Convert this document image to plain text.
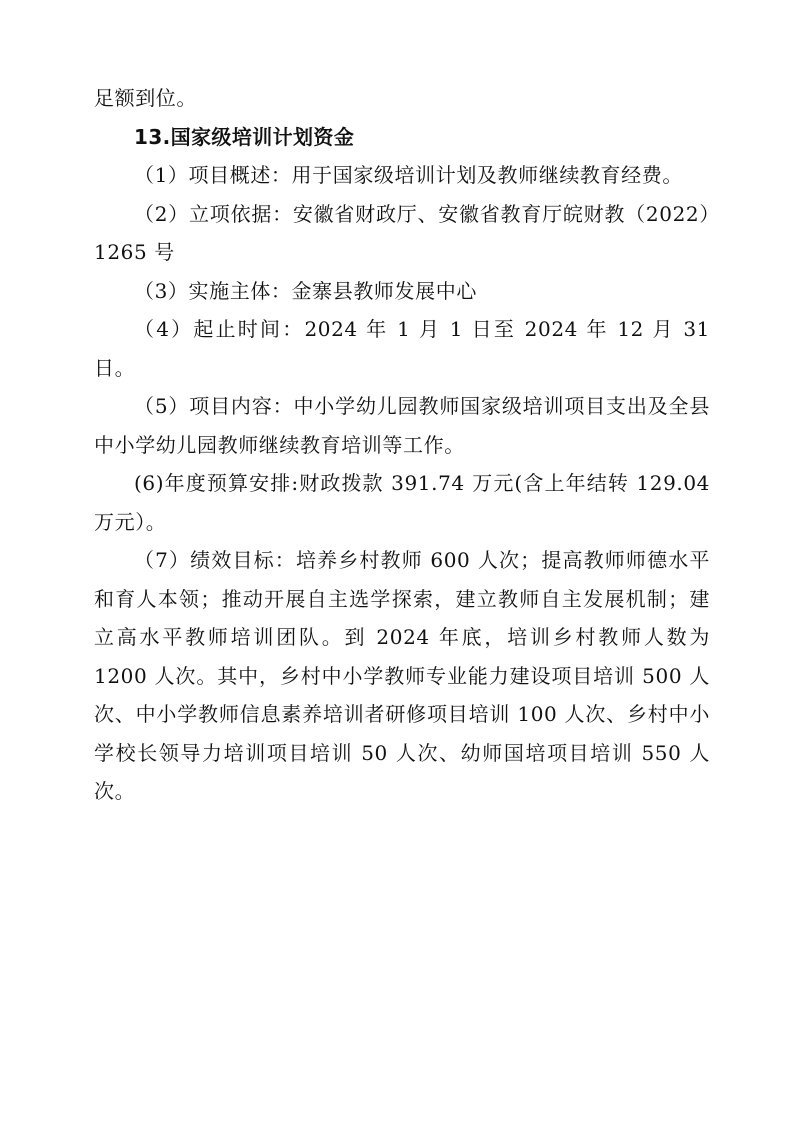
足额到位。

13.国家级培训计划资金

（1）项目概述：用于国家级培训计划及教师继续教育经费。

（2）立项依据：安徽省财政厅、安徽省教育厅皖财教（2022）1265 号

（3）实施主体：金寨县教师发展中心

（4）起止时间：2024 年 1 月 1 日至 2024 年 12 月 31 日。

（5）项目内容：中小学幼儿园教师国家级培训项目支出及全县中小学幼儿园教师继续教育培训等工作。

(6)年度预算安排:财政拨款 391.74 万元(含上年结转 129.04 万元）。

（7）绩效目标：培养乡村教师 600 人次；提高教师师德水平和育人本领；推动开展自主选学探索，建立教师自主发展机制；建立高水平教师培训团队。到 2024 年底，培训乡村教师人数为 1200 人次。其中，乡村中小学教师专业能力建设项目培训 500 人次、中小学教师信息素养培训者研修项目培训 100 人次、乡村中小学校长领导力培训项目培训 50 人次、幼师国培项目培训 550 人次。
